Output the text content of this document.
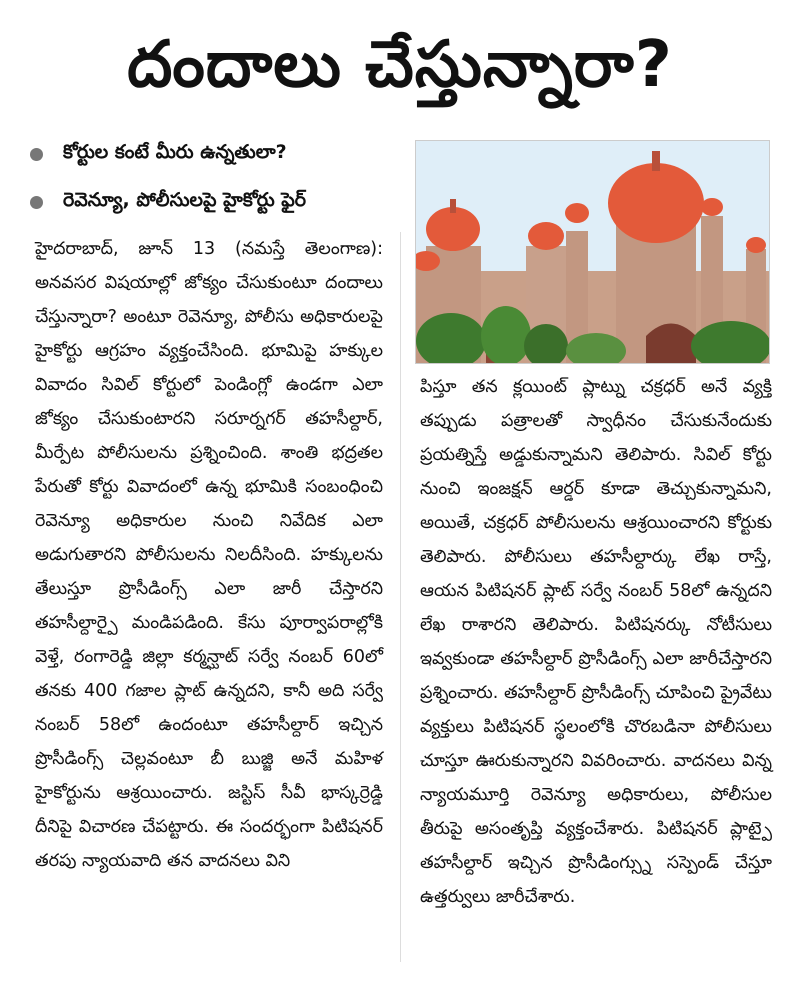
దందాలు చేస్తున్నారా?
కోర్టుల కంటే మీరు ఉన్నతులా?
రెవెన్యూ, పోలీసులపై హైకోర్టు ఫైర్

హైదరాబాద్, జూన్ 13 (నమస్తే తెలంగాణ): అనవసర విషయాల్లో జోక్యం చేసుకుంటూ దందాలు చేస్తున్నారా? అంటూ రెవెన్యూ, పోలీసు అధికారులపై హైకోర్టు ఆగ్రహం వ్యక్తంచేసింది. భూమిపై హక్కుల వివాదం సివిల్ కోర్టులో పెండింగ్లో ఉండగా ఎలా జోక్యం చేసుకుంటారని సరూర్నగర్ తహసీల్దార్, మీర్పేట పోలీసులను ప్రశ్నించింది. శాంతి భద్రతల పేరుతో కోర్టు వివాదంలో ఉన్న భూమికి సంబంధించి రెవెన్యూ అధికారుల నుంచి నివేదిక ఎలా అడుగుతారని పోలీసులను నిలదీసింది. హక్కులను తేలుస్తూ ప్రొసీడింగ్స్ ఎలా జారీ చేస్తారని తహసీల్దార్పై మండిపడింది. కేసు పూర్వాపరాల్లోకి వెళ్తే, రంగారెడ్డి జిల్లా కర్మన్ఘాట్ సర్వే నంబర్ 60లో తనకు 400 గజాల ప్లాట్ ఉన్నదని, కానీ అది సర్వే నంబర్ 58లో ఉందంటూ తహసీల్దార్ ఇచ్చిన ప్రొసీడింగ్స్ చెల్లవంటూ బీ బుజ్జి అనే మహిళ హైకోర్టును ఆశ్రయించారు. జస్టిస్ సీవీ భాస్కర్రెడ్డి దీనిపై విచారణ చేపట్టారు. ఈ సందర్భంగా పిటిషనర్ తరపు న్యాయవాది తన వాదనలు విని

పిస్తూ తన క్లయింట్ ప్లాట్ను చక్రధర్ అనే వ్యక్తి తప్పుడు పత్రాలతో స్వాధీనం చేసుకునేందుకు ప్రయత్నిస్తే అడ్డుకున్నామని తెలిపారు. సివిల్ కోర్టు నుంచి ఇంజక్షన్ ఆర్డర్ కూడా తెచ్చుకున్నామని, అయితే, చక్రధర్ పోలీసులను ఆశ్రయించారని కోర్టుకు తెలిపారు. పోలీసులు తహసీల్దార్కు లేఖ రాస్తే, ఆయన పిటిషనర్ ప్లాట్ సర్వే నంబర్ 58లో ఉన్నదని లేఖ రాశారని తెలిపారు. పిటిషనర్కు నోటీసులు ఇవ్వకుండా తహసీల్దార్ ప్రొసీడింగ్స్ ఎలా జారీచేస్తారని ప్రశ్నించారు. తహసీల్దార్ ప్రొసీడింగ్స్ చూపించి ప్రైవేటు వ్యక్తులు పిటిషనర్ స్థలంలోకి చొరబడినా పోలీసులు చూస్తూ ఊరుకున్నారని వివరించారు. వాదనలు విన్న న్యాయమూర్తి రెవెన్యూ అధికారులు, పోలీసుల తీరుపై అసంతృప్తి వ్యక్తంచేశారు. పిటిషనర్ ప్లాట్పై తహసీల్దార్ ఇచ్చిన ప్రొసీడింగ్స్ను సస్పెండ్ చేస్తూ ఉత్తర్వులు జారీచేశారు.
